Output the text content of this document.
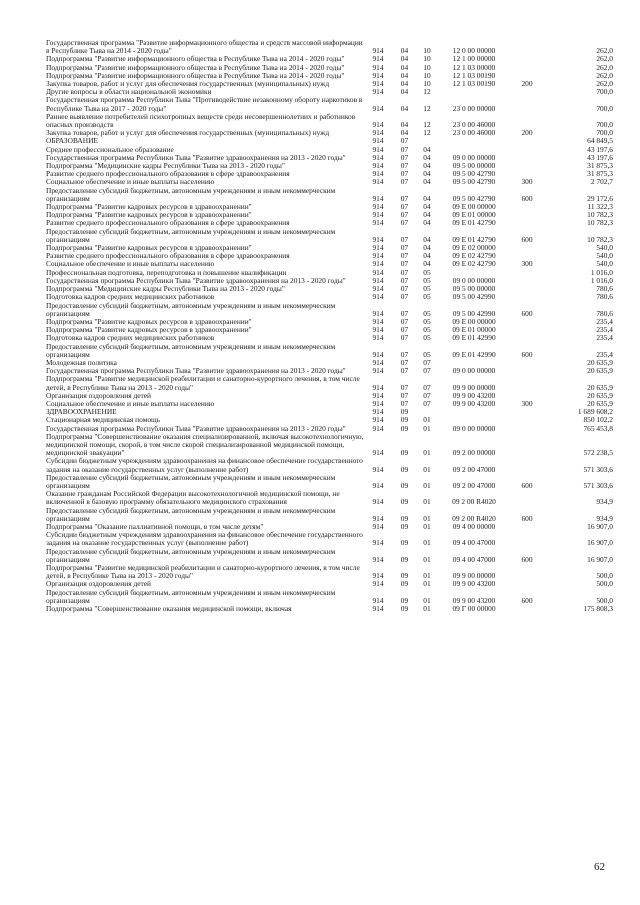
Государственная программа "Развитие информационного общества и средств массовой информации в Республике Тыва на 2014 - 2020 годы"	914	04	10	12 0 00 00000		262,0
Подпрограмма "Развитие информационного общества в Республике Тыва на 2014 - 2020 годы"	914	04	10	12 1 00 00000		262,0
Подпрограмма "Развитие информационного общества в Республике Тыва на 2014 - 2020 годы"	914	04	10	12 1 03 00000		262,0
Подпрограмма "Развитие информационного общества в Республике Тыва на 2014 - 2020 годы"	914	04	10	12 1 03 00190		262,0
Закупка товаров, работ и услуг для обеспечения государственных (муниципальных) нужд	914	04	10	12 1 03 00190	200	262,0
Другие вопросы в области национальной экономики	914	04	12			700,0
Государственная программа Республики Тыва "Противодействие незаконному обороту наркотиков в Республике Тыва на 2017 - 2020 годы"	914	04	12	23 0 00 00000		700,0
Раннее выявление потребителей психотропных веществ среди несовершеннолетних и работников опасных производств	914	04	12	23 0 00 46000		700,0
Закупка товаров, работ и услуг для обеспечения государственных (муниципальных) нужд	914	04	12	23 0 00 46000	200	700,0
ОБРАЗОВАНИЕ	914	07				64 849,5
Среднее профессиональное образование	914	07	04			43 197,6
Государственная программа Республики Тыва "Развитие здравоохранения на 2013 - 2020 годы"	914	07	04	09 0 00 00000		43 197,6
Подпрограмма "Медицинские кадры Республики Тыва на 2013 - 2020 годы"	914	07	04	09 5 00 00000		31 875,3
Развитие среднего профессионального образования в сфере здравоохранения	914	07	04	09 5 00 42790		31 875,3
Социальное обеспечение и иные выплаты населению	914	07	04	09 5 00 42790	300	2 702,7
Предоставление субсидий бюджетным, автономным учреждениям и иным некоммерческим организациям	914	07	04	09 5 00 42790	600	29 172,6
Подпрограмма "Развитие кадровых ресурсов в здравоохранении"	914	07	04	09 Е 00 00000		11 322,3
Подпрограмма "Развитие кадровых ресурсов в здравоохранении"	914	07	04	09 Е 01 00000		10 782,3
Развитие среднего профессионального образования в сфере здравоохранения	914	07	04	09 Е 01 42790		10 782,3
Предоставление субсидий бюджетным, автономным учреждениям и иным некоммерческим организациям	914	07	04	09 Е 01 42790	600	10 782,3
Подпрограмма "Развитие кадровых ресурсов в здравоохранении"	914	07	04	09 Е 02 00000		540,0
Развитие среднего профессионального образования в сфере здравоохранения	914	07	04	09 Е 02 42790		540,0
Социальное обеспечение и иные выплаты населению	914	07	04	09 Е 02 42790	300	540,0
Профессиональная подготовка, переподготовка и повышение квалификации	914	07	05			1 016,0
Государственная программа Республики Тыва "Развитие здравоохранения на 2013 - 2020 годы"	914	07	05	09 0 00 00000		1 016,0
Подпрограмма "Медицинские кадры Республики Тыва на 2013 - 2020 годы"	914	07	05	09 5 00 00000		780,6
Подготовка кадров средних медицинских работников	914	07	05	09 5 00 42990		780,6
Предоставление субсидий бюджетным, автономным учреждениям и иным некоммерческим организациям	914	07	05	09 5 00 42990	600	780,6
Подпрограмма "Развитие кадровых ресурсов в здравоохранении"	914	07	05	09 Е 00 00000		235,4
Подпрограмма "Развитие кадровых ресурсов в здравоохранении"	914	07	05	09 Е 01 00000		235,4
Подготовка кадров средних медицинских работников	914	07	05	09 Е 01 42990		235,4
Предоставление субсидий бюджетным, автономным учреждениям и иным некоммерческим организациям	914	07	05	09 Е 01 42990	600	235,4
Молодежная политика	914	07	07			20 635,9
Государственная программа Республики Тыва "Развитие здравоохранения на 2013 - 2020 годы"	914	07	07	09 0 00 00000		20 635,9
Подпрограмма "Развитие медицинской реабилитации и санаторно-курортного лечения, в том числе детей, в Республике Тыва на 2013 - 2020 годы"	914	07	07	09 9 00 00000		20 635,9
Организация оздоровления детей	914	07	07	09 9 00 43200		20 635,9
Социальное обеспечение и иные выплаты населению	914	07	07	09 9 00 43200	300	20 635,9
ЗДРАВООХРАНЕНИЕ	914	09				1 689 608,2
Стационарная медицинская помощь	914	09	01			850 102,2
Государственная программа Республики Тыва "Развитие здравоохранения на 2013 - 2020 годы"	914	09	01	09 0 00 00000		765 453,8
Подпрограмма "Совершенствование оказания специализированной, включая высокотехнологичную, медицинской помощи, скорой, в том числе скорой специализированной медицинской помощи, медицинской эвакуации"	914	09	01	09 2 00 00000		572 238,5
Субсидии бюджетным учреждениям здравоохранения на финансовое обеспечение государственного задания на оказание государственных услуг (выполнение работ)	914	09	01	09 2 00 47000		571 303,6
Предоставление субсидий бюджетным, автономным учреждениям и иным некоммерческим организациям	914	09	01	09 2 00 47000	600	571 303,6
Оказание гражданам Российской Федерации высокотехнологичной медицинской помощи, не включенной в базовую программу обязательного медицинского страхования	914	09	01	09 2 00 R4020		934,9
Предоставление субсидий бюджетным, автономным учреждениям и иным некоммерческим организациям	914	09	01	09 2 00 R4020	600	934,9
Подпрограмма "Оказание паллиативной помощи, в том числе детям"	914	09	01	09 4 00 00000		16 907,0
Субсидии бюджетным учреждениям здравоохранения на финансовое обеспечение государственного задания на оказание государственных услуг (выполнение работ)	914	09	01	09 4 00 47000		16 907,0
Предоставление субсидий бюджетным, автономным учреждениям и иным некоммерческим организациям	914	09	01	09 4 00 47000	600	16 907,0
Подпрограмма "Развитие медицинской реабилитации и санаторно-курортного лечения, в том числе детей, в Республике Тыва на 2013 - 2020 годы"	914	09	01	09 9 00 00000		500,0
Организация оздоровления детей	914	09	01	09 9 00 43200		500,0
Предоставление субсидий бюджетным, автономным учреждениям и иным некоммерческим организациям	914	09	01	09 9 00 43200	600	500,0
Подпрограмма "Совершенствование оказания медицинской помощи, включая	914	09	01	09 Г 00 00000		175 808,3
62
